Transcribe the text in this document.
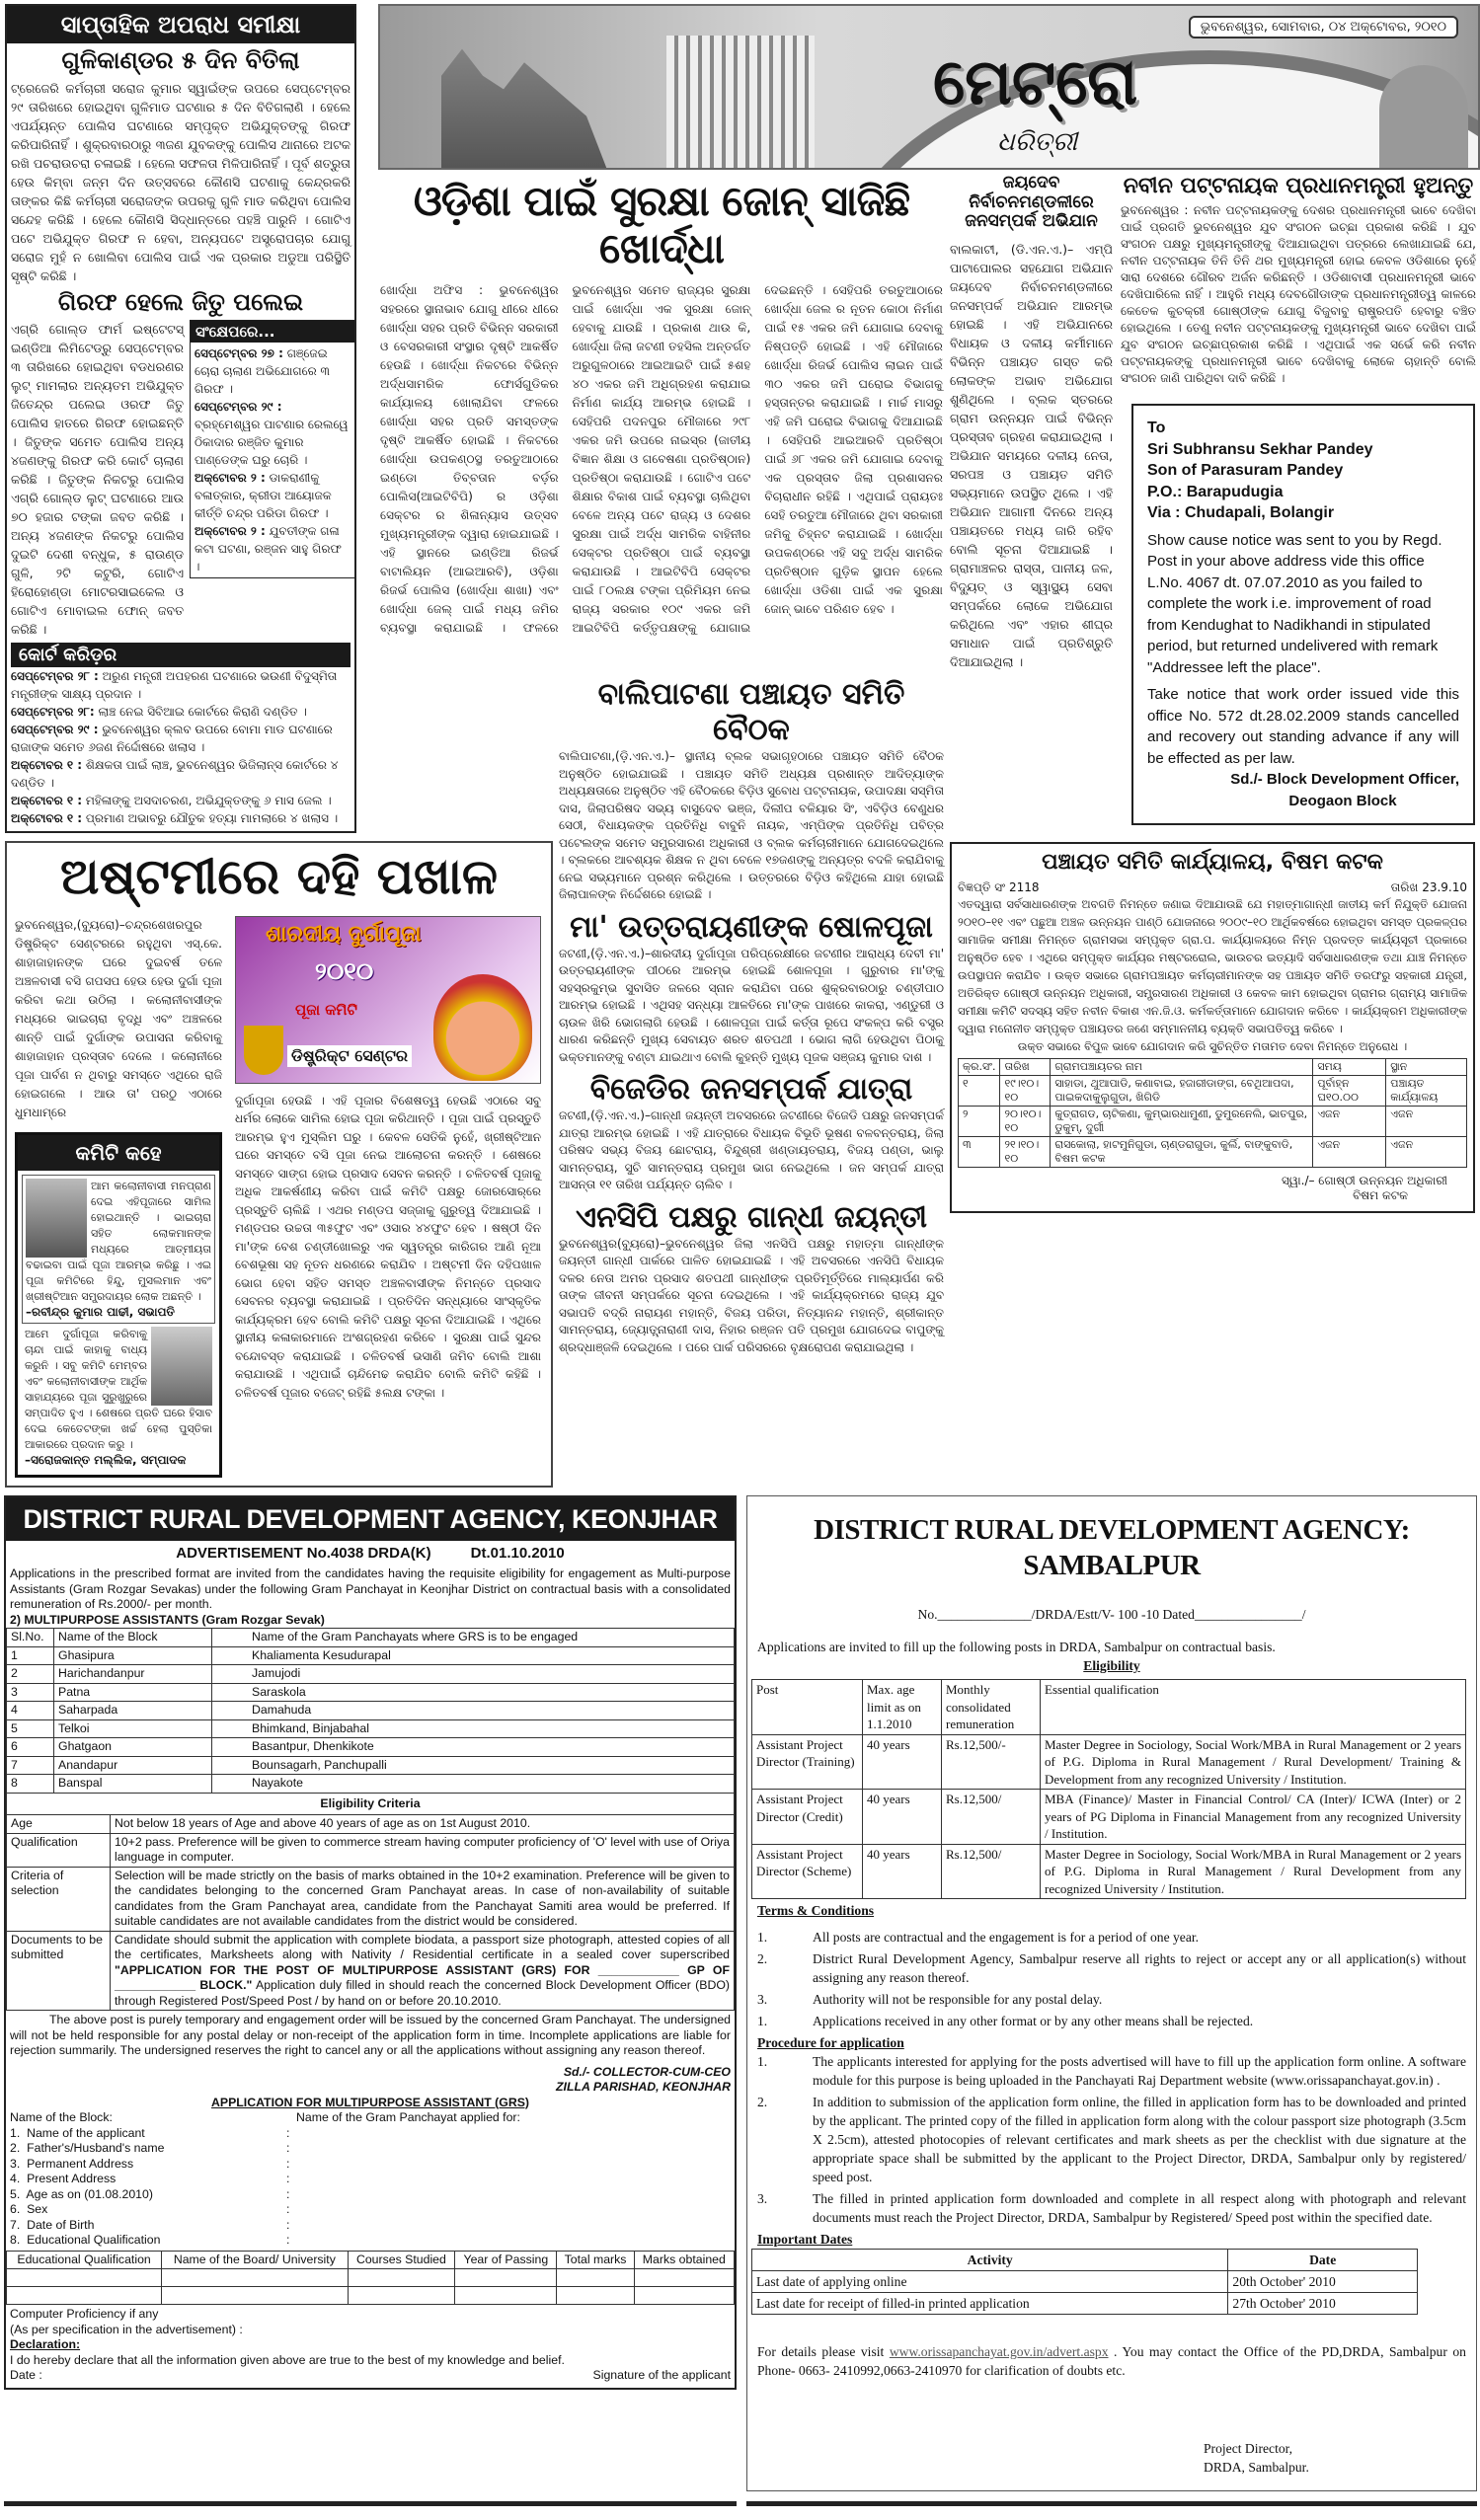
ସାପ୍ତାହିକ ଅପରାଧ ସମୀକ୍ଷା
ଗୁଳିକାଣ୍ଡର ୫ ଦିନ ବିତିଲା

ଟ୍ରେଜେରି କର୍ମଚାରୀ ସରୋଜ କୁମାର ସ୍ୱାଇଁଙ୍କ ଉପରେ ସେପ୍ଟେମ୍ବର ୨୯ ତାରିଖରେ ହୋଇଥିବା ଗୁଳିମାଡ ଘଟଣାର ୫ ଦିନ ବିତିଗଲାଣି । ହେଲେ ଏପର୍ଯ୍ୟନ୍ତ ପୋଲିସ ଘଟଣାରେ ସମ୍ପୃକ୍ତ ଅଭିଯୁକ୍ତଙ୍କୁ ଗିରଫ କରିପାରିନାହିଁ । ଶୁକ୍ରବାରଠାରୁ ୩ଜଣ ଯୁବକଙ୍କୁ ପୋଲିସ ଥାନାରେ ଅଟକ ରଖି ପଚରାଉଚରା ଚଳାଇଛି । ହେଲେ ସଫଳତା ମିଳିପାରିନାହିଁ । ପୂର୍ବ ଶତ୍ରୁତା ହେଉ କିମ୍ବା ଜନ୍ମ ଦିନ ଉତ୍ସବରେ କୌଣସି ଘଟଣାକୁ କେନ୍ଦ୍ରକରି ତାଙ୍କର କିଛି କର୍ମଚାରୀ ସରୋଜଙ୍କ ଉପରକୁ ଗୁଳି ମାଡ କରିଥିବା ପୋଲିସ ସନ୍ଦେହ କରିଛି । ହେଲେ କୌଣସି ସିଦ୍ଧାନ୍ତରେ ପହଞ୍ଚି ପାରୁନି । ଗୋଟିଏ ପଟେ ଅଭିଯୁକ୍ତ ଗିରଫ ନ ହେବା, ଅନ୍ୟପଟେ ଅସ୍ତ୍ରୋପଚାର ଯୋଗୁ ସରୋଜ ମୁହଁ ନ ଖୋଲିବା ପୋଲିସ ପାଇଁ ଏକ ପ୍ରକାର ଅଡୁଆ ପରିସ୍ଥିତି ସୃଷ୍ଟି କରିଛି ।

ଗିରଫ ହେଲେ ଜିତୁ ପଲେଇ

ଏଗ୍ରି ଗୋଲ୍ଡ ଫାର୍ମ ଇଷ୍ଟେଟସ୍ ଇଣ୍ଡିଆ ଲିମିଟେଡ୍‌ରୁ ସେପ୍ଟେମ୍ବର ୩ ତାରିଖରେ ହୋଇଥିବା ବଡଧରଣର ଲୁଟ୍ ମାମଲାର ଅନ୍ୟତମ ଅଭିଯୁକ୍ତ ଜିତେନ୍ଦ୍ର ପଲେଇ ଓରଫ ଜିତୁ ପୋଲିସ ହାତରେ ଗିରଫ ହୋଇଛନ୍ତି । ଜିତୁଙ୍କ ସମେତ ପୋଲିସ ଅନ୍ୟ ୪ଜଣଙ୍କୁ ଗିରଫ କରି କୋର୍ଟ ଚାଲାଣ କରିଛି । ଜିତୁଙ୍କ ନିକଟରୁ ପୋଲିସ ଏଗ୍ରି ଗୋଲ୍ଡ ଲୁଟ୍ ଘଟଣାରେ ଆଉ ୭୦ ହଜାର ଟଙ୍କା ଜବତ କରିଛି । ଅନ୍ୟ ୪ଜଣଙ୍କ ନିକଟରୁ ପୋଲିସ ଦୁଇଟି ଦେଶୀ ବନ୍ଧୁକ, ୫ ରାଉଣ୍ଡ ଗୁଳି, ୨ଟି କଟୁରି, ଗୋଟିଏ ହିରୋହୋଣ୍ଡା ମୋଟରସାଇକେଲ ଓ ଗୋଟିଏ ମୋବାଇଲ ଫୋନ୍ ଜବତ କରିଛି ।

ସଂକ୍ଷେପରେ...

ସେପ୍ଟେମ୍ବର ୨୭ : ଗଞ୍ଜେଇ ଚୋରା ଚାଲାଣ ଅଭିଯୋଗରେ ୩ ଗିରଫ ।

ସେପ୍ଟେମ୍ବର ୨୯ : ବ୍ରହ୍ମେଶ୍ୱର ପାଟଣାର ରେଲୱେ ଠିକାଦାର ରଞ୍ଜିତ କୁମାର ପାଣ୍ଡେଙ୍କ ଘରୁ ଚୋରି ।

ଅକ୍ଟୋବର ୨ : ଡାକରାଣୀକୁ ବଳାତ୍କାର, କ୍ରୀଡା ଆୟୋଜକ କୀର୍ତ୍ତି ଚନ୍ଦ୍ର ପରିଡା ଗିରଫ ।

ଅକ୍ଟୋବର ୨ : ଯୁବତୀଙ୍କ ଗଳା କଟା ଘଟଣା, ରଞ୍ଜନ ସାହୁ ଗିରଫ ।

କୋର୍ଟ କରିଡ଼ର

ସେପ୍ଟେମ୍ବର ୨୮ : ଅରୁଣ ମନ୍ତ୍ରୀ ଅପହରଣ ଘଟଣାରେ ଭଉଣୀ ବିଦୁସ୍ମିତା ମନ୍ତ୍ରୀଙ୍କ ସାକ୍ଷ୍ୟ ପ୍ରଦାନ ।

ସେପ୍ଟେମ୍ବର ୨୮: ଲାଞ୍ଚ ନେଇ ସିବିଆଇ କୋର୍ଟରେ କିରାଣି ଦଣ୍ଡିତ ।

ସେପ୍ଟେମ୍ବର ୨୯ : ଭୁବନେଶ୍ୱର କ୍ଲବ ଉପରେ ବୋମା ମାଡ ଘଟଣାରେ ରାଜାଙ୍କ ସମେତ ୬ଜଣ ନିର୍ଦ୍ଦୋଷରେ ଖଲାସ ।

ଅକ୍ଟୋବର ୧ : ଶିକ୍ଷକତା ପାଇଁ ଲାଞ୍ଚ, ଭୁବନେଶ୍ୱର ଭିଜିଲାନ୍ସ କୋର୍ଟରେ ୪ ଦଣ୍ଡିତ ।

ଅକ୍ଟୋବର ୧ : ମହିଳାଙ୍କୁ ଅସଦାଚରଣ, ଅଭିଯୁକ୍ତଙ୍କୁ ୬ ମାସ ଜେଲ ।

ଅକ୍ଟୋବର ୧ : ପ୍ରମାଣ ଅଭାବରୁ ଯୌତୁକ ହତ୍ୟା ମାମଲାରେ ୪ ଖଲାସ ।

ଭୁବନେଶ୍ୱର, ସୋମବାର, ୦୪ ଅକ୍ଟୋବର, ୨୦୧୦
ମେଟ୍ରୋ
ଧରିତ୍ରୀ
ଓଡ଼ିଶା ପାଇଁ ସୁରକ୍ଷା ଜୋନ୍ ସାଜିଛି ଖୋର୍ଦ୍ଧା

ଖୋର୍ଦ୍ଧା ଅଫିସ : ଭୁବନେଶ୍ୱର ସହରରେ ସ୍ଥାନାଭାବ ଯୋଗୁ ଧୀରେ ଧୀରେ ଖୋର୍ଦ୍ଧା ସହର ପ୍ରତି ବିଭିନ୍ନ ସରକାରୀ ଓ ବେସରକାରୀ ସଂସ୍ଥାର ଦୃଷ୍ଟି ଆକର୍ଷିତ ହେଉଛି । ଖୋର୍ଦ୍ଧା ନିକଟରେ ବିଭିନ୍ନ ଅର୍ଦ୍ଧସାମରିକ ଫୋର୍ସଗୁଡିକର କାର୍ଯ୍ୟାଳୟ ଖୋଲାଯିବା ଫଳରେ ଖୋର୍ଦ୍ଧା ସହର ପ୍ରତି ସମସ୍ତଙ୍କ ଦୃଷ୍ଟି ଆକର୍ଷିତ ହୋଇଛି । ନିକଟରେ ଖୋର୍ଦ୍ଧା ଉପକଣ୍ଠସ୍ଥ ତରତୁଆଠାରେ ଇଣ୍ଡୋ ତିବ୍ବତାନ ବର୍ଡ଼ର ପୋଲିସ(ଆଇଟିବିପି) ର ଓଡ଼ିଶା ସେକ୍ଟର ର ଶିଳାନ୍ୟାସ ଉତ୍ସବ ମୁଖ୍ୟମନ୍ତ୍ରୀଙ୍କ ଦ୍ୱାରା ହୋଇଯାଇଛି । ଏହି ସ୍ଥାନରେ ଇଣ୍ଡିଆ ରିଜର୍ଭ ବାଟାଲିୟନ (ଆଇଆରବି), ଓଡ଼ିଶା ରିଜର୍ଭ ପୋଲିସ (ଖୋର୍ଦ୍ଧା ଶାଖା) ଏବଂ ଖୋର୍ଦ୍ଧା ଜେଲ୍ ପାଇଁ ମଧ୍ୟ ଜମିର ବ୍ୟବସ୍ଥା କରାଯାଇଛି । ଫଳରେ ଭୁବନେଶ୍ୱର ସମେତ ରାଜ୍ୟର ସୁରକ୍ଷା ପାଇଁ ଖୋର୍ଦ୍ଧା ଏକ ସୁରକ୍ଷା ଜୋନ୍ ହେବାକୁ ଯାଉଛି । ପ୍ରକାଶ ଥାଉ କି, ଖୋର୍ଦ୍ଧା ଜିଲା ଜଟଣୀ ତହସିଲ ଅନ୍ତର୍ଗତ ଅରୁଗୁଳଠାରେ ଆଇଆଇଟି ପାଇଁ ୫ଶହ ୪୦ ଏକର ଜମି ଅଧିଗ୍ରହଣ କରାଯାଇ ନିର୍ମାଣ କାର୍ଯ୍ୟ ଆରମ୍ଭ ହୋଇଛି । ସେହିପରି ପଦନପୁର ମୌଜାରେ ୨୯୮ ଏକର ଜମି ଉପରେ ନାଇସ୍‌ର (ଜାତୀୟ ବିଜ୍ଞାନ ଶିକ୍ଷା ଓ ଗବେଷଣା ପ୍ରତିଷ୍ଠାନ) ପ୍ରତିଷ୍ଠା କରାଯାଉଛି । ଗୋଟିଏ ପଟେ ଶିକ୍ଷାର ବିକାଶ ପାଇଁ ବ୍ୟବସ୍ଥା ଚାଲିଥିବା ବେଳେ ଅନ୍ୟ ପଟେ ରାଜ୍ୟ ଓ ଦେଶର ସୁରକ୍ଷା ପାଇଁ ଅର୍ଦ୍ଧ ସାମରିକ ବାହିନୀର ସେକ୍ଟର ପ୍ରତିଷ୍ଠା ପାଇଁ ବ୍ୟବସ୍ଥା କରାଯାଉଛି । ଆଇଟିବିପି ସେକ୍ଟର ପାଇଁ ୮୦ଲକ୍ଷ ଟଙ୍କା ପ୍ରିମିୟମ ନେଇ ରାଜ୍ୟ ସରକାର ୧୦୯ ଏକର ଜମି ଆଇଟିବିପି କର୍ତ୍ତୃପକ୍ଷଙ୍କୁ ଯୋଗାଇ ଦେଇଛନ୍ତି । ସେହିପରି ତରତୁଆଠାରେ ଖୋର୍ଦ୍ଧା ଜେଲ ର ନୂତନ କୋଠା ନିର୍ମାଣ ପାଇଁ ୧୫ ଏକର ଜମି ଯୋଗାଇ ଦେବାକୁ ନିଷ୍ପତ୍ତି ହୋଇଛି । ଏହି ମୌଜାରେ ଖୋର୍ଦ୍ଧା ରିଜର୍ଭ ପୋଲିସ ଲାଇନ ପାଇଁ ୩୦ ଏକର ଜମି ଘରୋଇ ବିଭାଗକୁ ହସ୍ତାନ୍ତର କରାଯାଇଛି । ମାର୍ଚ୍ଚ ମାସରୁ ଏହି ଜମି ଘରୋଇ ବିଭାଗକୁ ଦିଆଯାଇଛି । ସେହିପରି ଆଇଆରବି ପ୍ରତିଷ୍ଠା ପାଇଁ ୬୮ ଏକର ଜମି ଯୋଗାଇ ଦେବାକୁ ଏକ ପ୍ରସ୍ତାବ ଜିଲା ପ୍ରଶାସନର ବିଚାରାଧୀନ ରହିଛି । ଏଥିପାଇଁ ପ୍ରାୟତଃ ସେହି ତରତୁଆ ମୌଜାରେ ଥିବା ସରକାରୀ ଜମିକୁ ଚିହ୍ନଟ କରାଯାଇଛି । ଖୋର୍ଦ୍ଧା ଉପକଣ୍ଠରେ ଏହି ସବୁ ଅର୍ଦ୍ଧ ସାମରିକ ପ୍ରତିଷ୍ଠାନ ଗୁଡ଼ିକ ସ୍ଥାପନ ହେଲେ ଖୋର୍ଦ୍ଧା ଓଡିଶା ପାଇଁ ଏକ ସୁରକ୍ଷା ଜୋନ୍ ଭାବେ ପରିଣତ ହେବ ।

ଜୟଦେବ ନିର୍ବାଚନମଣ୍ଡଳୀରେ ଜନସମ୍ପର୍କ ଅଭିଯାନ

ବାଲକାଟୀ, (ଡି.ଏନ.ଏ.)– ଏମ୍‌ପି ପାଟାପୋଲର ସହଯୋଗ ଅଭିଯାନ ଜୟଦେବ ନିର୍ବାଚନମଣ୍ଡଳୀରେ ଜନସମ୍ପର୍କ ଅଭିଯାନ ଆରମ୍ଭ ହୋଇଛି । ଏହି ଅଭିଯାନରେ ବିଧାୟକ ଓ ଦଳୀୟ କର୍ମୀମାନେ ବିଭିନ୍ନ ପଞ୍ଚାୟତ ଗସ୍ତ କରି ଲୋକଙ୍କ ଅଭାବ ଅଭିଯୋଗ ଶୁଣିଥିଲେ । ବ୍ଲକ ସ୍ତରରେ ଗ୍ରାମ ଉନ୍ନୟନ ପାଇଁ ବିଭିନ୍ନ ପ୍ରସ୍ତାବ ଗ୍ରହଣ କରାଯାଇଥିଲା । ଅଭିଯାନ ସମୟରେ ଦଳୀୟ ନେତା, ସରପଞ୍ଚ ଓ ପଞ୍ଚାୟତ ସମିତି ସଭ୍ୟମାନେ ଉପସ୍ଥିତ ଥିଲେ । ଏହି ଅଭିଯାନ ଆଗାମୀ ଦିନରେ ଅନ୍ୟ ପଞ୍ଚାୟତରେ ମଧ୍ୟ ଜାରି ରହିବ ବୋଲି ସୂଚନା ଦିଆଯାଇଛି । ଗ୍ରାମାଞ୍ଚଳର ରାସ୍ତା, ପାନୀୟ ଜଳ, ବିଦ୍ୟୁତ୍ ଓ ସ୍ୱାସ୍ଥ୍ୟ ସେବା ସମ୍ପର୍କରେ ଲୋକେ ଅଭିଯୋଗ କରିଥିଲେ ଏବଂ ଏହାର ଶୀଘ୍ର ସମାଧାନ ପାଇଁ ପ୍ରତିଶ୍ରୁତି ଦିଆଯାଇଥିଲା ।

ନବୀନ ପଟ୍ଟନାୟକ ପ୍ରଧାନମନ୍ତ୍ରୀ ହୁଅନ୍ତୁ

ଭୁବନେଶ୍ୱର : ନବୀନ ପଟ୍ଟନାୟକଙ୍କୁ ଦେଶର ପ୍ରଧାନମନ୍ତ୍ରୀ ଭାବେ ଦେଖିବା ପାଇଁ ପ୍ରଗତି ଭୁବନେଶ୍ୱର ଯୁବ ସଂଗଠନ ଇଚ୍ଛା ପ୍ରକାଶ କରିଛି । ଯୁବ ସଂଗଠନ ପକ୍ଷରୁ ମୁଖ୍ୟମନ୍ତ୍ରୀଙ୍କୁ ଦିଆଯାଇଥିବା ପତ୍ରରେ ଲେଖାଯାଇଛି ଯେ, ନବୀନ ପଟ୍ଟନାୟକ ତିନି ତିନି ଥର ମୁଖ୍ୟମନ୍ତ୍ରୀ ହୋଇ କେବଳ ଓଡିଶାରେ ନୁହେଁ ସାରା ଦେଶରେ ଗୌରବ ଅର୍ଜନ କରିଛନ୍ତି । ଓଡିଶାବାସୀ ପ୍ରଧାନମନ୍ତ୍ରୀ ଭାବେ ଦେଖିପାରିଲେ ନାହିଁ । ଆହୁରି ମଧ୍ୟ ଦେବଗୌଡାଙ୍କ ପ୍ରଧାନମନ୍ତ୍ରୀତ୍ୱ କାଳରେ କେତେକ କୁଚକ୍ରୀ ଗୋଷ୍ଠୀଙ୍କ ଯୋଗୁ ବିଜୁବାବୁ ରାଷ୍ଟ୍ରପତି ହେବାରୁ ବଞ୍ଚିତ ହୋଇଥିଲେ । ତେଣୁ ନବୀନ ପଟ୍ଟନାୟକଙ୍କୁ ମୁଖ୍ୟମନ୍ତ୍ରୀ ଭାବେ ଦେଖିବା ପାଇଁ ଯୁବ ସଂଗଠନ ଇଚ୍ଛାପ୍ରକାଶ କରିଛି । ଏଥିପାଇଁ ଏକ ସର୍ଭେ କରି ନବୀନ ପଟ୍ଟନାୟକଙ୍କୁ ପ୍ରଧାନମନ୍ତ୍ରୀ ଭାବେ ଦେଖିବାକୁ ଲୋକେ ଚାହାନ୍ତି ବୋଲି ସଂଗଠନ ଜାଣି ପାରିଥିବା ଦାବି କରିଛି ।

To
Sri Subhransu Sekhar Pandey
Son of Parasuram Pandey
P.O.: Barapudugia
Via : Chudapali, Bolangir

Show cause notice was sent to you by Regd. Post in your above address vide this office L.No. 4067 dt. 07.07.2010 as you failed to complete the work i.e. improvement of road from Kendughat to Nadikhandi in stipulated period, but returned undelivered with remark "Addressee left the place".

Take notice that work order issued vide this office No. 572 dt.28.02.2009 stands cancelled and recovery out standing advance if any will be effected as per law.

Sd./- Block Development Officer,
Deogaon Block
ଅଷ୍ଟମୀରେ ଦହି ପଖାଳ

ଭୁବନେଶ୍ୱର,(ବ୍ୟୁରୋ)–ଚନ୍ଦ୍ରଶେଖରପୁର ଡିଷ୍ଟ୍ରିକ୍ଟ ସେଣ୍ଟରରେ ରହୁଥିବା ଏସ୍.କେ. ଶାହାଜାହାନଙ୍କ ଘରେ ଦୁଇବର୍ଷ ତଳେ ଅଞ୍ଚଳବାସୀ ବସି ଗପସପ ହେଉ ହେଉ ଦୁର୍ଗା ପୂଜା କରିବା କଥା ଉଠିଲା । କଲୋନୀବାସୀଙ୍କ ମଧ୍ୟରେ ଭାଇଚାରା ବୃଦ୍ଧି ଏବଂ ଅଞ୍ଚଳରେ ଶାନ୍ତି ପାଇଁ ଦୁର୍ଗାଙ୍କ ଉପାସନା କରିବାକୁ ଶାହାଜାହାନ ପ୍ରସ୍ତାବ ଦେଲେ । କଲୋନୀରେ ପୂଜା ପାର୍ବଣ ନ ଥିବାରୁ ସମସ୍ତେ ଏଥିରେ ରାଜି ହୋଇଗଲେ । ଆଉ ତା' ପରଠୁ ଏଠାରେ ଧୁମଧାମ୍‌ରେ

କମିଟି କହେ

ଆମ କଲୋନୀବାସୀ ମନପ୍ରାଣ ଦେଇ ଏହିପୂଜାରେ ସାମିଲ ହୋଇଥାନ୍ତି । ଭାଇଚାରା ସହିତ ଲୋକମାନଙ୍କ ମଧ୍ୟରେ ଆତ୍ମୀୟତା ବଢାଇବା ପାଇଁ ପୂଜା ଆରମ୍ଭ କରିଛୁ । ଏଇ ପୂଜା କମିଟିରେ ହିନ୍ଦୁ, ମୁସଲମାନ ଏବଂ ଖ୍ରୀଷ୍ଟିଆନ ସମ୍ପ୍ରଦାୟର ଲୋକ ଅଛନ୍ତି ।

–ରବୀନ୍ଦ୍ର କୁମାର ପାଢୀ, ସଭାପତି

ଆମେ ଦୁର୍ଗାପୂଜା କରିବାକୁ ଚାନ୍ଦା ପାଇଁ କାହାକୁ ବାଧ୍ୟ କରୁନି । ସବୁ କମିଟି ମେମ୍ବର ଏବଂ କଲୋନୀବାସୀଙ୍କ ଆର୍ଥିକ ସାହାଯ୍ୟରେ ପୂଜା ସୁରୁଖୁରୁରେ ସମ୍ପାଦିତ ହୁଏ । ଶେଷରେ ପ୍ରତି ଘରେ ହିସାବ ଦେଇ କେତେଟଙ୍କା ଖର୍ଚ୍ଚ ହେଲା ପୁସ୍ତିକା ଆକାରରେ ପ୍ରଦାନ କରୁ ।

–ସରୋଜକାନ୍ତ ମଲ୍ଲିକ, ସମ୍ପାଦକ
ଶାରଦୀୟ ଦୁର୍ଗାପୂଜା
୨୦୧୦
ପୂଜା କମିଟି
ଡିଷ୍ଟ୍ରିକ୍ଟ ସେଣ୍ଟର

ଦୁର୍ଗାପୂଜା ହେଉଛି । ଏହି ପୂଜାର ବିଶେଷତ୍ୱ ହେଉଛି ଏଠାରେ ସବୁ ଧର୍ମର ଲୋକେ ସାମିଲ ହୋଇ ପୂଜା କରିଥାନ୍ତି । ପୂଜା ପାଇଁ ପ୍ରସ୍ତୁତି ଆରମ୍ଭ ହୁଏ ମୁସ୍‌ଲିମ ଘରୁ । କେବଳ ସେତିକି ନୁହେଁ, ଖ୍ରୀଷ୍ଟିଆନ ଘରେ ସମସ୍ତେ ବସି ପୂଜା ନେଇ ଆଲୋଚନା କରନ୍ତି । ଶେଷରେ ସମସ୍ତେ ସାଙ୍ଗ ହୋଇ ପ୍ରସାଦ ସେବନ କରନ୍ତି । ଚଳିତବର୍ଷ ପୂଜାକୁ ଅଧିକ ଆକର୍ଷଣୀୟ କରିବା ପାଇଁ କମିଟି ପକ୍ଷରୁ ଜୋରସୋର୍‌ରେ ପ୍ରସ୍ତୁତି ଚାଲିଛି । ଏଥର ମଣ୍ଡପ ସଜ୍ଜାକୁ ଗୁରୁତ୍ୱ ଦିଆଯାଇଛି । ମଣ୍ଡପର ଉଚ୍ଚତା ୩୫ଫୁଟ ଏବଂ ଓସାର ୪୪ଫୁଟ ହେବ । ଷଷ୍ଠୀ ଦିନ ମା'ଙ୍କ ବେଶ ଚଣ୍ଡୀଖୋଲରୁ ଏକ ସ୍ୱତନ୍ତ୍ର କାରିଗର ଆଣି ନୂଆ ବେଶଭୂଷା ସହ ନୂତନ ଧରଣରେ କରାଯିବ । ଅଷ୍ଟମୀ ଦିନ ଦହିପଖାଳ ଭୋଗ ହେବା ସହିତ ସମସ୍ତ ଅଞ୍ଚଳବାସୀଙ୍କ ନିମନ୍ତେ ପ୍ରସାଦ ସେବନର ବ୍ୟବସ୍ଥା କରାଯାଇଛି । ପ୍ରତିଦିନ ସନ୍ଧ୍ୟାରେ ସାଂସ୍କୃତିକ କାର୍ଯ୍ୟକ୍ରମ ହେବ ବୋଲି କମିଟି ପକ୍ଷରୁ ସୂଚନା ଦିଆଯାଇଛି । ଏଥିରେ ସ୍ଥାନୀୟ କଳାକାରମାନେ ଅଂଶଗ୍ରହଣ କରିବେ । ସୁରକ୍ଷା ପାଇଁ ସୁନ୍ଦର ବନ୍ଦୋବସ୍ତ କରାଯାଇଛି । ଚଳିତବର୍ଷ ଭସାଣି ଜମିବ ବୋଲି ଆଶା କରାଯାଉଛି । ଏଥିପାଇଁ ଚାନ୍ଦିମେଢ କରାଯିବ ବୋଲି କମିଟି କହିଛି । ଚଳିତବର୍ଷ ପୂଜାର ବଜେଟ୍ ରହିଛି ୫ଲକ୍ଷ ଟଙ୍କା ।

ବାଲିପାଟଣା ପଞ୍ଚାୟତ ସମିତି ବୈଠକ

ବାଲିପାଟଣା,(ଡ଼ି.ଏନ.ଏ.)– ସ୍ଥାନୀୟ ବ୍ଲକ ସଭାଗୃହଠାରେ ପଞ୍ଚାୟତ ସମିତି ବୈଠକ ଅନୁଷ୍ଠିତ ହୋଇଯାଇଛି । ପଞ୍ଚାୟତ ସମିତି ଅଧ୍ୟକ୍ଷ ପ୍ରଶାନ୍ତ ଆଦିତ୍ୟାଙ୍କ ଅଧ୍ୟକ୍ଷତାରେ ଅନୁଷ୍ଠିତ ଏହି ବୈଠକରେ ବିଡ଼ିଓ ସୁବୋଧ ପଟ୍ଟନାୟକ, ଉପାଦକ୍ଷା ସସ୍ମିତା ଦାସ, ଜିଲାପରିଷଦ ସଭ୍ୟ ବାସୁଦେବ ଭଞ୍ଜ, ଦିଲୀପ ବଳିୟାର ସିଂ, ଏବିଡ଼ିଓ ବେଣୁଧର ସେଠୀ, ବିଧାୟକଙ୍କ ପ୍ରତିନିଧି ବାବୁନି ନାୟକ, ଏମ୍‌ପିଙ୍କ ପ୍ରତିନିଧି ପବିତ୍ର ପଟେଲଙ୍କ ସମେତ ସମ୍ପ୍ରସାରଣ ଅଧିକାରୀ ଓ ବ୍ଲକ କର୍ମଚାରୀମାନେ ଯୋଗଦେଇଥିଲେ । ବ୍ଲକରେ ଆବଶ୍ୟକ ଶିକ୍ଷକ ନ ଥିବା ବେଳେ ୧୭ଜଣଙ୍କୁ ଅନ୍ୟତ୍ର ବଦଳି କରାଯିବାକୁ ନେଇ ସଭ୍ୟମାନେ ପ୍ରଶ୍ନ କରିଥିଲେ । ଉତ୍ତରରେ ବିଡ଼ିଓ କହିଥିଲେ ଯାହା ହୋଇଛି ଜିଲାପାଳଙ୍କ ନିର୍ଦ୍ଦେଶରେ ହୋଇଛି ।

ମା' ଉତ୍ତରାୟଣୀଙ୍କ ଷୋଳପୂଜା

ଜଟଣୀ,(ଡ଼ି.ଏନ.ଏ.)–ଶାରଦୀୟ ଦୁର୍ଗାପୂଜା ପରିପ୍ରେକ୍ଷୀରେ ଜଟଣୀର ଆରାଧ୍ୟ ଦେବୀ ମା' ଉତ୍ତରାୟଣୀଙ୍କ ପୀଠରେ ଆରମ୍ଭ ହୋଇଛି ଶୋଳପୂଜା । ଗୁରୁବାର ମା'ଙ୍କୁ ସହସ୍ରକୁମ୍ଭ ସୁବାସିତ ଜଳରେ ସ୍ନାନ କରାଯିବା ପରେ ଶୁକ୍ରବାରଠାରୁ ଚଣ୍ଡୀପାଠ ଆରମ୍ଭ ହୋଇଛି । ଏଥିସହ ସନ୍ଧ୍ୟା ଆଳତିରେ ମା'ଙ୍କ ପାଖରେ କାକରା, ଏଣ୍ଡୁରୀ ଓ ଚାଉଳ ଖିରି ଭୋଗଲାଗି ହେଉଛି । ଶୋଳପୂଜା ପାଇଁ କର୍ତ୍ତା ରୂପେ ସଂକଳ୍ପ କରି ବସ୍ତ୍ର ଧାରଣ କରିଛନ୍ତି ମୁଖ୍ୟ ସେବାୟତ ଶରତ ଶତପଥୀ । ଭୋଗ ଲାଗି ହେଉଥିବା ପିଠାକୁ ଭକ୍ତମାନଙ୍କୁ ବଣ୍ଟା ଯାଇଥାଏ ବୋଲି କୁହନ୍ତି ମୁଖ୍ୟ ପୂଜକ ସଞ୍ଜୟ କୁମାର ଦାଶ ।

ବିଜେଡିର ଜନସମ୍ପର୍କ ଯାତ୍ରା

ଜଟଣୀ,(ଡ଼ି.ଏନ.ଏ.)–ଗାନ୍ଧୀ ଜୟନ୍ତୀ ଅବସରରେ ଜଟଣୀରେ ବିଜେଡି ପକ୍ଷରୁ ଜନସମ୍ପର୍କ ଯାତ୍ରା ଆରମ୍ଭ ହୋଇଛି । ଏହି ଯାତ୍ରାରେ ବିଧାୟକ ବିଭୂତି ଭୂଷଣ ବଳବନ୍ତରାୟ, ଜିଲା ପରିଷଦ ସଭ୍ୟ ବିଜୟ ଛୋଟରାୟ, ବିନ୍ଦୁଶ୍ରୀ ଖଣ୍ଡାୟତରାୟ, ବିଜୟ ପଣ୍ଡା, ଭାଲୁ ସାମନ୍ତରାୟ, ସୁଚି ସାମନ୍ତରାୟ ପ୍ରମୁଖ ଭାଗ ନେଇଥିଲେ । ଜନ ସମ୍ପର୍କ ଯାତ୍ରା ଆସନ୍ତା ୧୧ ତାରିଖ ପର୍ଯ୍ୟନ୍ତ ଚାଲିବ ।

ଏନସିପି ପକ୍ଷରୁ ଗାନ୍ଧୀ ଜୟନ୍ତୀ

ଭୁବନେଶ୍ୱର(ବ୍ୟୁରୋ)–ଭୁବନେଶ୍ୱର ଜିଲା ଏନସିପି ପକ୍ଷରୁ ମହାତ୍ମା ଗାନ୍ଧୀଙ୍କ ଜୟନ୍ତୀ ଗାନ୍ଧୀ ପାର୍କରେ ପାଳିତ ହୋଇଯାଇଛି । ଏହି ଅବସରରେ ଏନସିପି ବିଧାୟକ ଦଳର ନେତା ଅମର ପ୍ରସାଦ ଶତପଥୀ ଗାନ୍ଧୀଙ୍କ ପ୍ରତିମୂର୍ତ୍ତିରେ ମାଲ୍ୟାର୍ପଣ କରି ତାଙ୍କ ଜୀବନୀ ସମ୍ପର୍କରେ ସୂଚନା ଦେଇଥିଲେ । ଏହି କାର୍ଯ୍ୟକ୍ରମରେ ରାଜ୍ୟ ଯୁବ ସଭାପତି ବଦ୍ରି ନାରାୟଣ ମହାନ୍ତି, ବିଜୟ ପରିଡା, ନିତ୍ୟାନନ୍ଦ ମହାନ୍ତି, ଶ୍ରୀକାନ୍ତ ସାମନ୍ତରାୟ, ଜ୍ୟୋତ୍ସ୍ନାରାଣୀ ଦାସ, ନିହାର ରଞ୍ଜନ ପତି ପ୍ରମୁଖ ଯୋଗଦେଇ ବାପୁଙ୍କୁ ଶ୍ରଦ୍ଧାଞ୍ଜଳି ଦେଇଥିଲେ । ପରେ ପାର୍କ ପରିସରରେ ବୃକ୍ଷରୋପଣ କରାଯାଇଥିଲା ।

ପଞ୍ଚାୟତ ସମିତି କାର୍ଯ୍ୟାଳୟ, ବିଷମ କଟକ
ବିଜ୍ଞପ୍ତି ସଂ 2118	ତାରିଖ 23.9.10

ଏତଦ୍ୱାରା ସର୍ବସାଧାରଣଙ୍କ ଅବଗତି ନିମନ୍ତେ ଜଣାଇ ଦିଆଯାଉଛି ଯେ ମହାତ୍ମାଗାନ୍ଧୀ ଜାତୀୟ କର୍ମ ନିଯୁକ୍ତି ଯୋଜନା ୨୦୧୦–୧୧ ଏବଂ ପଛୁଆ ଅଞ୍ଚଳ ଉନ୍ନୟନ ପାଣ୍ଠି ଯୋଜନାରେ ୨୦୦୯–୧୦ ଆର୍ଥିକବର୍ଷରେ ହୋଇଥିବା ସମସ୍ତ ପ୍ରକଳ୍ପର ସାମାଜିକ ସମୀକ୍ଷା ନିମନ୍ତେ ଗ୍ରାମସଭା ସମ୍ପୃକ୍ତ ଗ୍ରା.ପ. କାର୍ଯ୍ୟାଳୟରେ ନିମ୍ନ ପ୍ରଦତ୍ତ କାର୍ଯ୍ୟସୂଚୀ ପ୍ରକାରେ ଅନୁଷ୍ଠିତ ହେବ । ଏଥିରେ ସମ୍ପୃକ୍ତ କାର୍ଯ୍ୟର ମଷ୍ଟରରୋଲ, ଭାଉଚର ଇତ୍ୟାଦି ସର୍ବସାଧାରଣଙ୍କ ତଥା ଯାଞ୍ଚ ନିମନ୍ତେ ଉପସ୍ଥାପନ କରାଯିବ । ଉକ୍ତ ସଭାରେ ଗ୍ରାମପଞ୍ଚାୟତ କର୍ମଚାରୀମାନଙ୍କ ସହ ପଞ୍ଚାୟତ ସମିତି ତରଫରୁ ସହକାରୀ ଯନ୍ତ୍ରୀ, ଅତିରିକ୍ତ ଗୋଷ୍ଠୀ ଉନ୍ନୟନ ଅଧିକାରୀ, ସମ୍ପ୍ରସାରଣ ଅଧିକାରୀ ଓ କେବଳ କାମ ହୋଇଥିବା ଗ୍ରାମର ଗ୍ରାମ୍ୟ ସାମାଜିକ ସମୀକ୍ଷା କମିଟି ସଦସ୍ୟ ସହିତ ନବୀନ ବିକାଶ ଏନ.ଜି.ଓ. କର୍ମକର୍ତ୍ତାମାନେ ଯୋଗଦାନ କରିବେ । କାର୍ଯ୍ୟକ୍ରମ ଅଧିକାରୀଙ୍କ ଦ୍ୱାରା ମନୋନୀତ ସମ୍ପୃକ୍ତ ପଞ୍ଚାୟତର ଜଣେ ସମ୍ମାନନୀୟ ବ୍ୟକ୍ତି ସଭାପତିତ୍ୱ କରିବେ ।

ଉକ୍ତ ସଭାରେ ବିପୁଳ ଭାବେ ଯୋଗଦାନ କରି ସୁଚିନ୍ତିତ ମତାମତ ଦେବା ନିମନ୍ତେ ଅନୁରୋଧ ।

କ୍ର.ସଂ.	ତାରିଖ	ଗ୍ରାମପଞ୍ଚାୟତର ନାମ	ସମୟ	ସ୍ଥାନ
୧	୧୯।୧୦।୧୦	ସାହାଡା, ଥୁଆପାଡି, କଣାବାଇ, ହଜାରୀଡାଙ୍ଗ, ବେଥିଆପଦା, ପାଇକଦାକୁଲୁଗୁଡା, ଖିଗିଡି	ପୂର୍ବାହ୍ନ ଘ୧୦.୦୦	ପଞ୍ଚାୟତ କାର୍ଯ୍ୟାଳୟ
୨	୨୦।୧୦।୧୦	କୁତ୍ରାଗଡ, ଚାଟିକଣା, କୁମ୍ଭାରଧାମୁଣୀ, ଡୁମୁରନେଲି, ଭାତପୁର, ଡୁକୁମ୍, ଦୁର୍ଗୀ	ଏଜନ	ଏଜନ
୩	୨୧।୧୦।୧୦	ରାସକୋଲା, ହାଟମୁନିଗୁଡା, ଚାଣ୍ଡରାଗୁଡା, କୁର୍ଲି, ବାଙ୍କୁବାଡି, ବିଷମ କଟକ	ଏଜନ	ଏଜନ
ସ୍ୱା./– ଗୋଷ୍ଠୀ ଉନ୍ନୟନ ଅଧିକାରୀ
ବିଷମ କଟକ
DISTRICT RURAL DEVELOPMENT AGENCY, KEONJHAR
ADVERTISEMENT No.4038 DRDA(K)	Dt.01.10.2010

Applications in the prescribed format are invited from the candidates having the requisite eligibility for engagement as Multi-purpose Assistants (Gram Rozgar Sevakas) under the following Gram Panchayat in Keonjhar District on contractual basis with a consolidated remuneration of Rs.2000/- per month.

2) MULTIPURPOSE ASSISTANTS (Gram Rozgar Sevak)
Sl.No.	Name of the Block	Name of the Gram Panchayats where GRS is to be engaged
1	Ghasipura	Khaliamenta Kesudurapal
2	Harichandanpur	Jamujodi
3	Patna	Saraskola
4	Saharpada	Damahuda
5	Telkoi	Bhimkand, Binjabahal
6	Ghatgaon	Basantpur, Dhenkikote
7	Anandapur	Bounsagarh, Panchupalli
8	Banspal	Nayakote
Eligibility Criteria
Age	Not below 18 years of Age and above 40 years of age as on 1st August 2010.
Qualification	10+2 pass. Preference will be given to commerce stream having computer proficiency of 'O' level with use of Oriya language in computer.
Criteria of selection	Selection will be made strictly on the basis of marks obtained in the 10+2 examination. Preference will be given to the candidates belonging to the concerned Gram Panchayat areas. In case of non-availability of suitable candidates from the Gram Panchayat area, candidate from the Panchayat Samiti area would be preferred. If suitable candidates are not available candidates from the district would be considered.
Documents to be submitted	Candidate should submit the application with complete biodata, a passport size photograph, attested copies of all the certificates, Marksheets along with Nativity / Residential certificate in a sealed cover superscribed "APPLICATION FOR THE POST OF MULTIPURPOSE ASSISTANT (GRS) FOR ____________ GP OF ____________ BLOCK." Application duly filled in should reach the concerned Block Development Officer (BDO) through Registered Post/Speed Post / by hand on or before 20.10.2010.

The above post is purely temporary and engagement order will be issued by the concerned Gram Panchayat. The undersigned will not be held responsible for any postal delay or non-receipt of the application form in time. Incomplete applications are liable for rejection summarily. The undersigned reserves the right to cancel any or all the applications without assigning any reason thereof.

Sd./- COLLECTOR-CUM-CEO
ZILLA PARISHAD, KEONJHAR
APPLICATION FOR MULTIPURPOSE ASSISTANT (GRS)
Name of the Block:	Name of the Gram Panchayat applied for:
1.  Name of the applicant	:
2.  Father's/Husband's name	:
3.  Permanent Address	:
4.  Present Address	:
5.  Age as on (01.08.2010)	:
6.  Sex	:
7.  Date of Birth	:
8.  Educational Qualification	:
Educational Qualification	Name of the Board/ University	Courses Studied	Year of Passing	Total marks	Marks obtained

Computer Proficiency if any
(As per specification in the advertisement) :
Declaration:
I do hereby declare that all the information given above are true to the best of my knowledge and belief.
Date :	Signature of the applicant
DISTRICT RURAL DEVELOPMENT AGENCY: SAMBALPUR
No.______________/DRDA/Estt/V- 100 -10 Dated________________/
Applications are invited to fill up the following posts in DRDA, Sambalpur on contractual basis.
Eligibility
Post	Max. age limit as on 1.1.2010	Monthly consolidated remuneration	Essential qualification
Assistant Project Director (Training)	40 years	Rs.12,500/-	Master Degree in Sociology, Social Work/MBA in Rural Management or 2 years of P.G. Diploma in Rural Management / Rural Development/ Training & Development from any recognized University / Institution.
Assistant Project Director (Credit)	40 years	Rs.12,500/	MBA (Finance)/ Master in Financial Control/ CA (Inter)/ ICWA (Inter) or 2 years of PG Diploma in Financial Management from any recognized University / Institution.
Assistant Project Director (Scheme)	40 years	Rs.12,500/	Master Degree in Sociology, Social Work/MBA in Rural Management or 2 years of P.G. Diploma in Rural Management / Rural Development from any recognized University / Institution.
Terms & Conditions
1.	All posts are contractual and the engagement is for a period of one year.
2.	District Rural Development Agency, Sambalpur reserve all rights to reject or accept any or all application(s) without assigning any reason thereof.
3.	Authority will not be responsible for any postal delay.
1.	Applications received in any other format or by any other means shall be rejected.
Procedure for application
1.	The applicants interested for applying for the posts advertised will have to fill up the application form online. A software module for this purpose is being uploaded in the Panchayati Raj Department website (www.orissapanchayat.gov.in) .
2.	In addition to submission of the application form online, the filled in application form has to be downloaded and printed by the applicant. The printed copy of the filled in application form along with the colour passport size photograph (3.5cm X 2.5cm), attested photocopies of relevant certificates and mark sheets as per the checklist with due signature at the appropriate space shall be submitted by the applicant to the Project Director, DRDA, Sambalpur only by registered/ speed post.
3.	The filled in printed application form downloaded and complete in all respect along with photograph and relevant documents must reach the Project Director, DRDA, Sambalpur by Registered/ Speed post within the specified date.
Important Dates
Activity	Date
Last date of applying online	20th October' 2010
Last date for receipt of filled-in printed application	27th October' 2010

For details please visit www.orissapanchayat.gov.in/advert.aspx . You may contact the Office of the PD,DRDA, Sambalpur on Phone- 0663- 2410992,0663-2410970 for clarification of doubts etc.

Project Director,
DRDA, Sambalpur.
